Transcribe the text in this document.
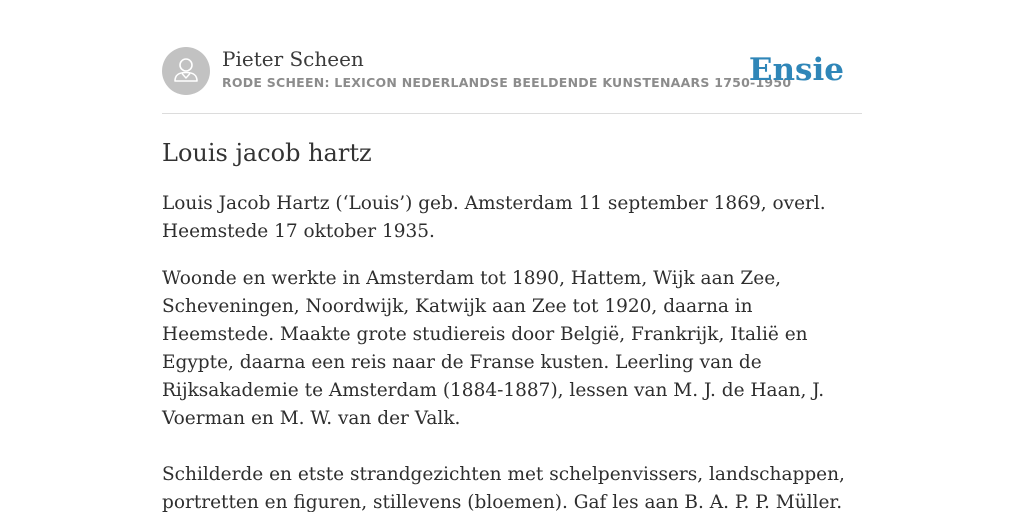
Pieter Scheen
RODE SCHEEN: LEXICON NEDERLANDSE BEELDENDE KUNSTENAARS 1750-1950
Ensie
Louis jacob hartz

Louis Jacob Hartz (‘Louis’) geb. Amsterdam 11 september 1869, overl. Heemstede 17 oktober 1935.

Woonde en werkte in Amsterdam tot 1890, Hattem, Wijk aan Zee, Scheveningen, Noordwijk, Katwijk aan Zee tot 1920, daarna in Heemstede. Maakte grote studiereis door België, Frankrijk, Italië en Egypte, daarna een reis naar de Franse kusten. Leerling van de Rijksakademie te Amsterdam (1884-1887), lessen van M. J. de Haan, J. Voerman en M. W. van der Valk.

Schilderde en etste strandgezichten met schelpenvissers, landschappen, portretten en figuren, stillevens (bloemen). Gaf les aan B. A. P. P. Müller.
